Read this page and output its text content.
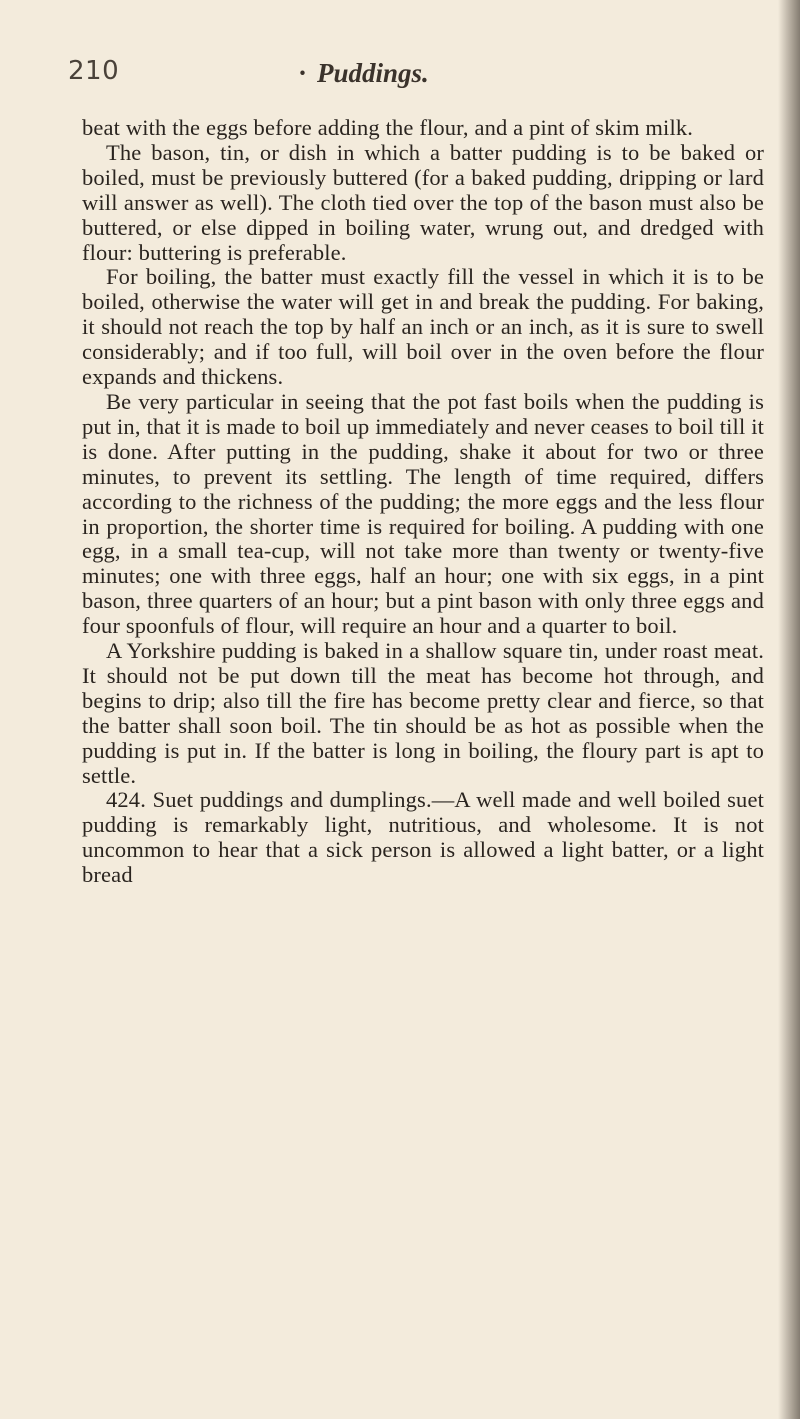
210	· Puddings.

beat with the eggs before adding the flour, and a pint of skim milk.

The bason, tin, or dish in which a batter pudding is to be baked or boiled, must be previously buttered (for a baked pudding, dripping or lard will answer as well). The cloth tied over the top of the bason must also be buttered, or else dipped in boiling water, wrung out, and dredged with flour: buttering is preferable.

For boiling, the batter must exactly fill the vessel in which it is to be boiled, otherwise the water will get in and break the pudding. For baking, it should not reach the top by half an inch or an inch, as it is sure to swell considerably; and if too full, will boil over in the oven before the flour expands and thickens.

Be very particular in seeing that the pot fast boils when the pudding is put in, that it is made to boil up immediately and never ceases to boil till it is done. After putting in the pudding, shake it about for two or three minutes, to prevent its settling. The length of time required, differs according to the richness of the pudding; the more eggs and the less flour in proportion, the shorter time is required for boiling. A pudding with one egg, in a small tea-cup, will not take more than twenty or twenty-five minutes; one with three eggs, half an hour; one with six eggs, in a pint bason, three quarters of an hour; but a pint bason with only three eggs and four spoonfuls of flour, will require an hour and a quarter to boil.

A Yorkshire pudding is baked in a shallow square tin, under roast meat. It should not be put down till the meat has become hot through, and begins to drip; also till the fire has become pretty clear and fierce, so that the batter shall soon boil. The tin should be as hot as possible when the pudding is put in. If the batter is long in boiling, the floury part is apt to settle.

424. Suet puddings and dumplings.—A well made and well boiled suet pudding is remarkably light, nutritious, and wholesome. It is not uncommon to hear that a sick person is allowed a light batter, or a light bread
